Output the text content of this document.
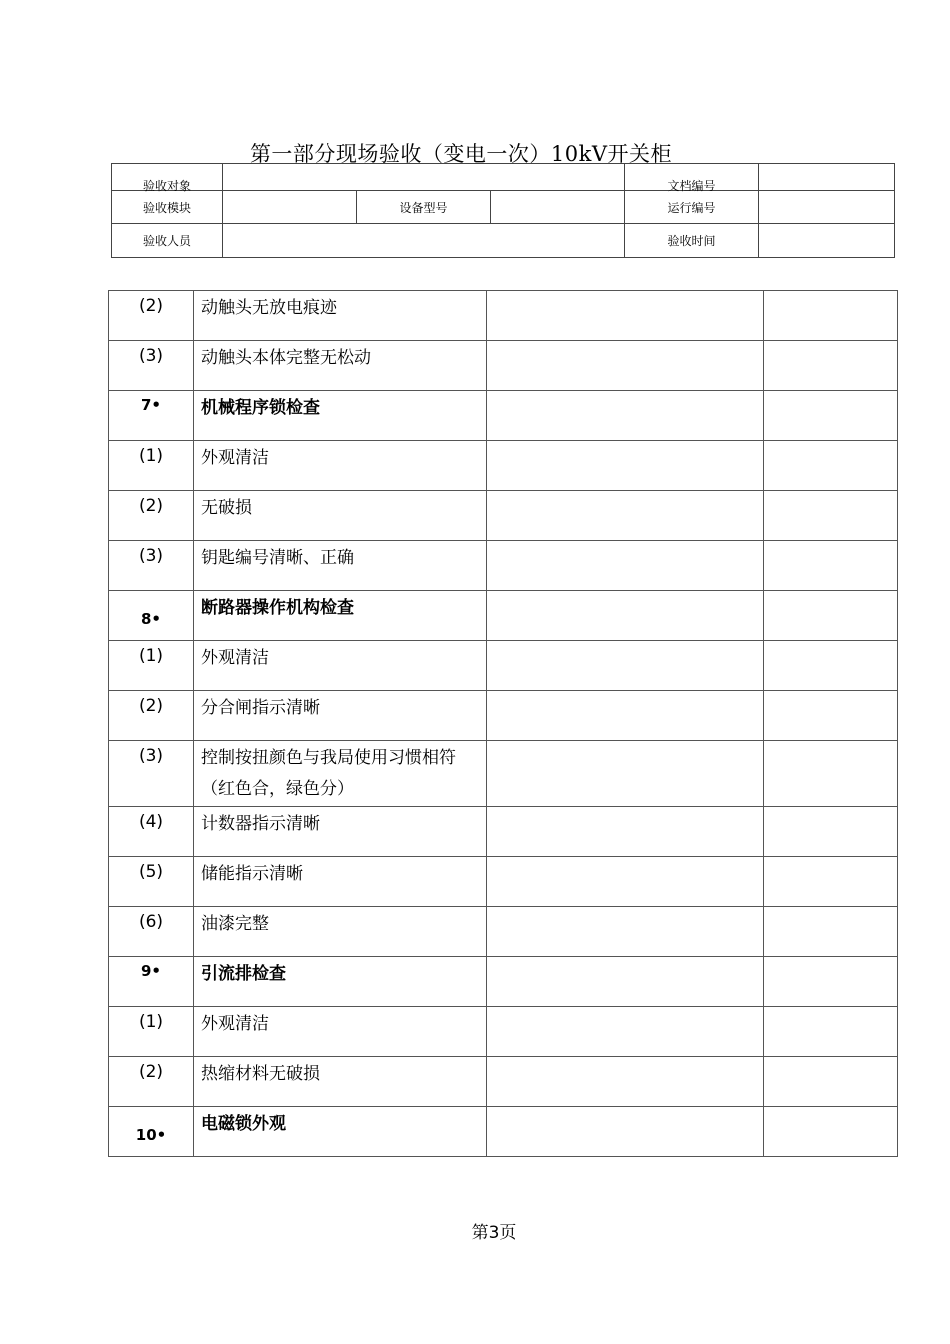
第一部分现场验收（变电一次）10kV开关柜
验收对象				文档编号	
验收模块		设备型号		运行编号	
验收人员				验收时间	
(2)	动触头无放电痕迹		
(3)	动触头本体完整无松动		
7•	机械程序锁检查		
(1)	外观清洁		
(2)	无破损		
(3)	钥匙编号清晰、正确		
8•	断路器操作机构检查		
(1)	外观清洁		
(2)	分合闸指示清晰		
(3)	控制按扭颜色与我局使用习惯相符（红色合，绿色分）		
(4)	计数器指示清晰		
(5)	储能指示清晰		
(6)	油漆完整		
9•	引流排检查		
(1)	外观清洁		
(2)	热缩材料无破损		
10•	电磁锁外观		
第3页
